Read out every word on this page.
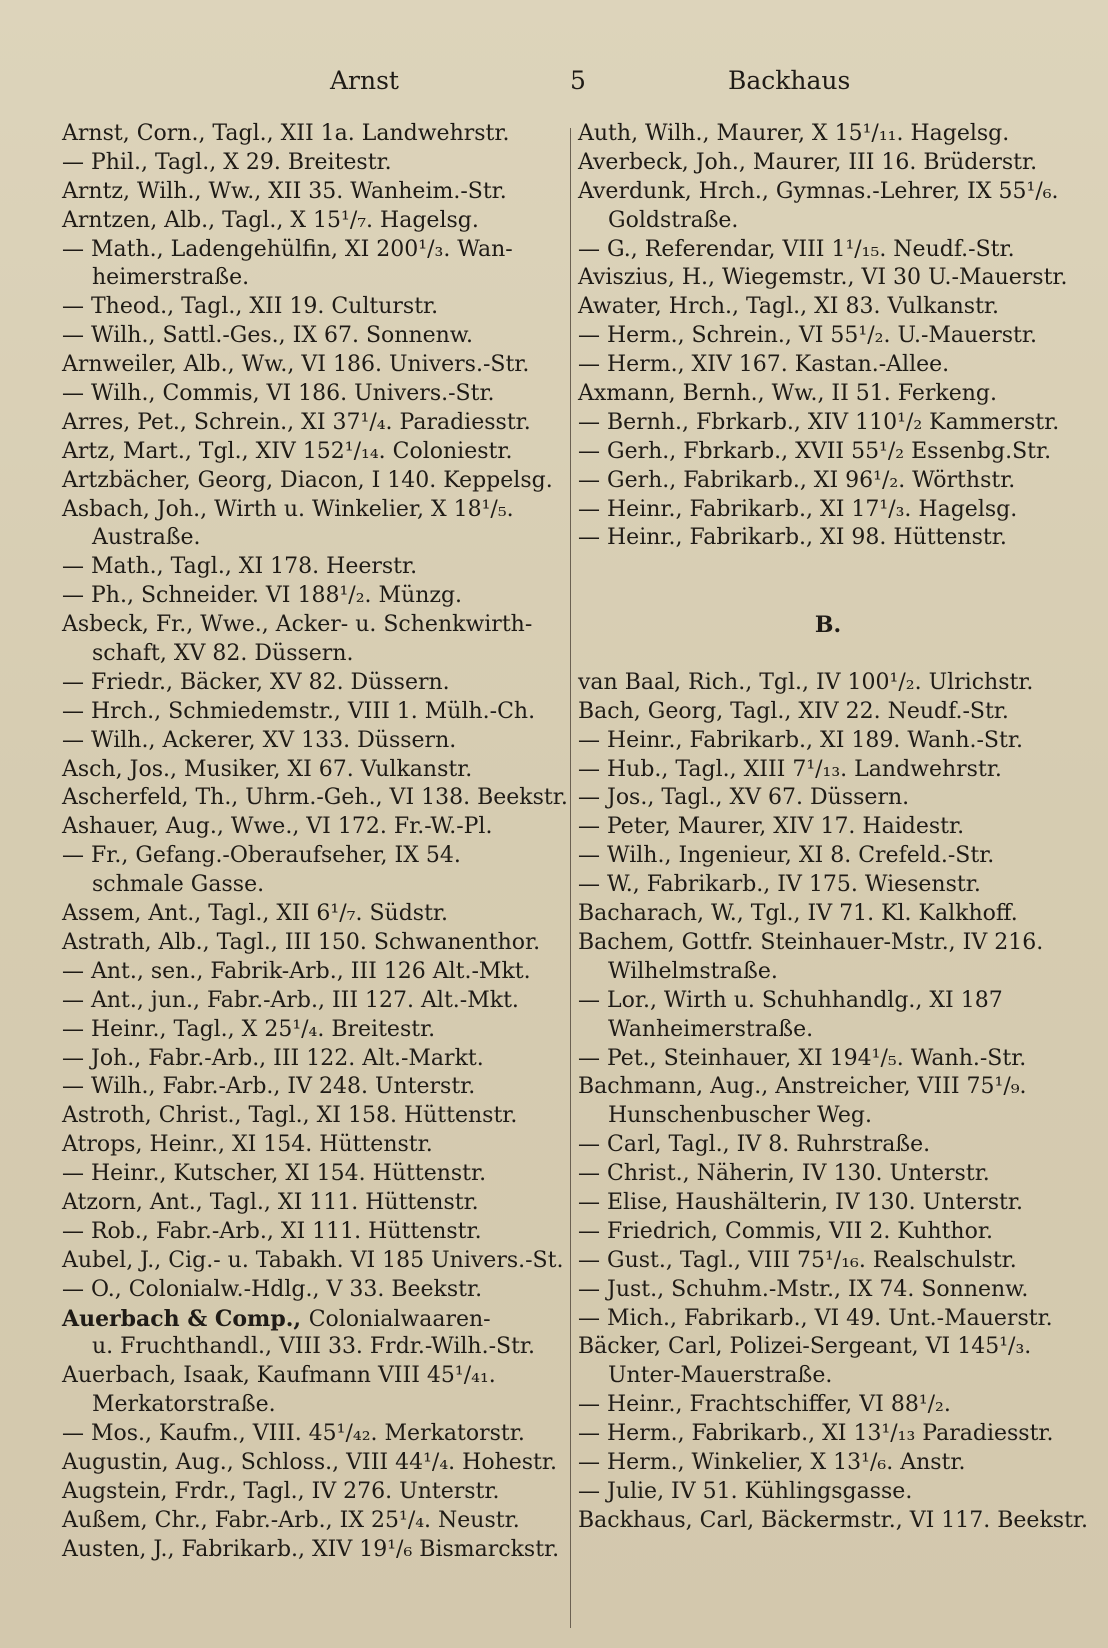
Arnst	5	Backhaus
Arnst, Corn., Tagl., XII 1a. Landwehrstr.
— Phil., Tagl., X 29. Breitestr.
Arntz, Wilh., Ww., XII 35. Wanheim.-Str.
Arntzen, Alb., Tagl., X 15¹/₇. Hagelsg.
— Math., Ladengehülfin, XI 200¹/₃. Wan-
heimerstraße.
— Theod., Tagl., XII 19. Culturstr.
— Wilh., Sattl.-Ges., IX 67. Sonnenw.
Arnweiler, Alb., Ww., VI 186. Univers.-Str.
— Wilh., Commis, VI 186. Univers.-Str.
Arres, Pet., Schrein., XI 37¹/₄. Paradiesstr.
Artz, Mart., Tgl., XIV 152¹/₁₄. Coloniestr.
Artzbächer, Georg, Diacon, I 140. Keppelsg.
Asbach, Joh., Wirth u. Winkelier, X 18¹/₅.
Austraße.
— Math., Tagl., XI 178. Heerstr.
— Ph., Schneider. VI 188¹/₂. Münzg.
Asbeck, Fr., Wwe., Acker- u. Schenkwirth-
schaft, XV 82. Düssern.
— Friedr., Bäcker, XV 82. Düssern.
— Hrch., Schmiedemstr., VIII 1. Mülh.-Ch.
— Wilh., Ackerer, XV 133. Düssern.
Asch, Jos., Musiker, XI 67. Vulkanstr.
Ascherfeld, Th., Uhrm.-Geh., VI 138. Beekstr.
Ashauer, Aug., Wwe., VI 172. Fr.-W.-Pl.
— Fr., Gefang.-Oberaufseher, IX 54.
schmale Gasse.
Assem, Ant., Tagl., XII 6¹/₇. Südstr.
Astrath, Alb., Tagl., III 150. Schwanenthor.
— Ant., sen., Fabrik-Arb., III 126 Alt.-Mkt.
— Ant., jun., Fabr.-Arb., III 127. Alt.-Mkt.
— Heinr., Tagl., X 25¹/₄. Breitestr.
— Joh., Fabr.-Arb., III 122. Alt.-Markt.
— Wilh., Fabr.-Arb., IV 248. Unterstr.
Astroth, Christ., Tagl., XI 158. Hüttenstr.
Atrops, Heinr., XI 154. Hüttenstr.
— Heinr., Kutscher, XI 154. Hüttenstr.
Atzorn, Ant., Tagl., XI 111. Hüttenstr.
— Rob., Fabr.-Arb., XI 111. Hüttenstr.
Aubel, J., Cig.- u. Tabakh. VI 185 Univers.-St.
— O., Colonialw.-Hdlg., V 33. Beekstr.
Auerbach & Comp., Colonialwaaren-
u. Fruchthandl., VIII 33. Frdr.-Wilh.-Str.
Auerbach, Isaak, Kaufmann VIII 45¹/₄₁.
Merkatorstraße.
— Mos., Kaufm., VIII. 45¹/₄₂. Merkatorstr.
Augustin, Aug., Schloss., VIII 44¹/₄. Hohestr.
Augstein, Frdr., Tagl., IV 276. Unterstr.
Außem, Chr., Fabr.-Arb., IX 25¹/₄. Neustr.
Austen, J., Fabrikarb., XIV 19¹/₆ Bismarckstr.
Auth, Wilh., Maurer, X 15¹/₁₁. Hagelsg.
Averbeck, Joh., Maurer, III 16. Brüderstr.
Averdunk, Hrch., Gymnas.-Lehrer, IX 55¹/₆.
Goldstraße.
— G., Referendar, VIII 1¹/₁₅. Neudf.-Str.
Aviszius, H., Wiegemstr., VI 30 U.-Mauerstr.
Awater, Hrch., Tagl., XI 83. Vulkanstr.
— Herm., Schrein., VI 55¹/₂. U.-Mauerstr.
— Herm., XIV 167. Kastan.-Allee.
Axmann, Bernh., Ww., II 51. Ferkeng.
— Bernh., Fbrkarb., XIV 110¹/₂ Kammerstr.
— Gerh., Fbrkarb., XVII 55¹/₂ Essenbg.Str.
— Gerh., Fabrikarb., XI 96¹/₂. Wörthstr.
— Heinr., Fabrikarb., XI 17¹/₃. Hagelsg.
— Heinr., Fabrikarb., XI 98. Hüttenstr.
B.
van Baal, Rich., Tgl., IV 100¹/₂. Ulrichstr.
Bach, Georg, Tagl., XIV 22. Neudf.-Str.
— Heinr., Fabrikarb., XI 189. Wanh.-Str.
— Hub., Tagl., XIII 7¹/₁₃. Landwehrstr.
— Jos., Tagl., XV 67. Düssern.
— Peter, Maurer, XIV 17. Haidestr.
— Wilh., Ingenieur, XI 8. Crefeld.-Str.
— W., Fabrikarb., IV 175. Wiesenstr.
Bacharach, W., Tgl., IV 71. Kl. Kalkhoff.
Bachem, Gottfr. Steinhauer-Mstr., IV 216.
Wilhelmstraße.
— Lor., Wirth u. Schuhhandlg., XI 187
Wanheimerstraße.
— Pet., Steinhauer, XI 194¹/₅. Wanh.-Str.
Bachmann, Aug., Anstreicher, VIII 75¹/₉.
Hunschenbuscher Weg.
— Carl, Tagl., IV 8. Ruhrstraße.
— Christ., Näherin, IV 130. Unterstr.
— Elise, Haushälterin, IV 130. Unterstr.
— Friedrich, Commis, VII 2. Kuhthor.
— Gust., Tagl., VIII 75¹/₁₆. Realschulstr.
— Just., Schuhm.-Mstr., IX 74. Sonnenw.
— Mich., Fabrikarb., VI 49. Unt.-Mauerstr.
Bäcker, Carl, Polizei-Sergeant, VI 145¹/₃.
Unter-Mauerstraße.
— Heinr., Frachtschiffer, VI 88¹/₂.
— Herm., Fabrikarb., XI 13¹/₁₃ Paradiesstr.
— Herm., Winkelier, X 13¹/₆. Anstr.
— Julie, IV 51. Kühlingsgasse.
Backhaus, Carl, Bäckermstr., VI 117. Beekstr.
